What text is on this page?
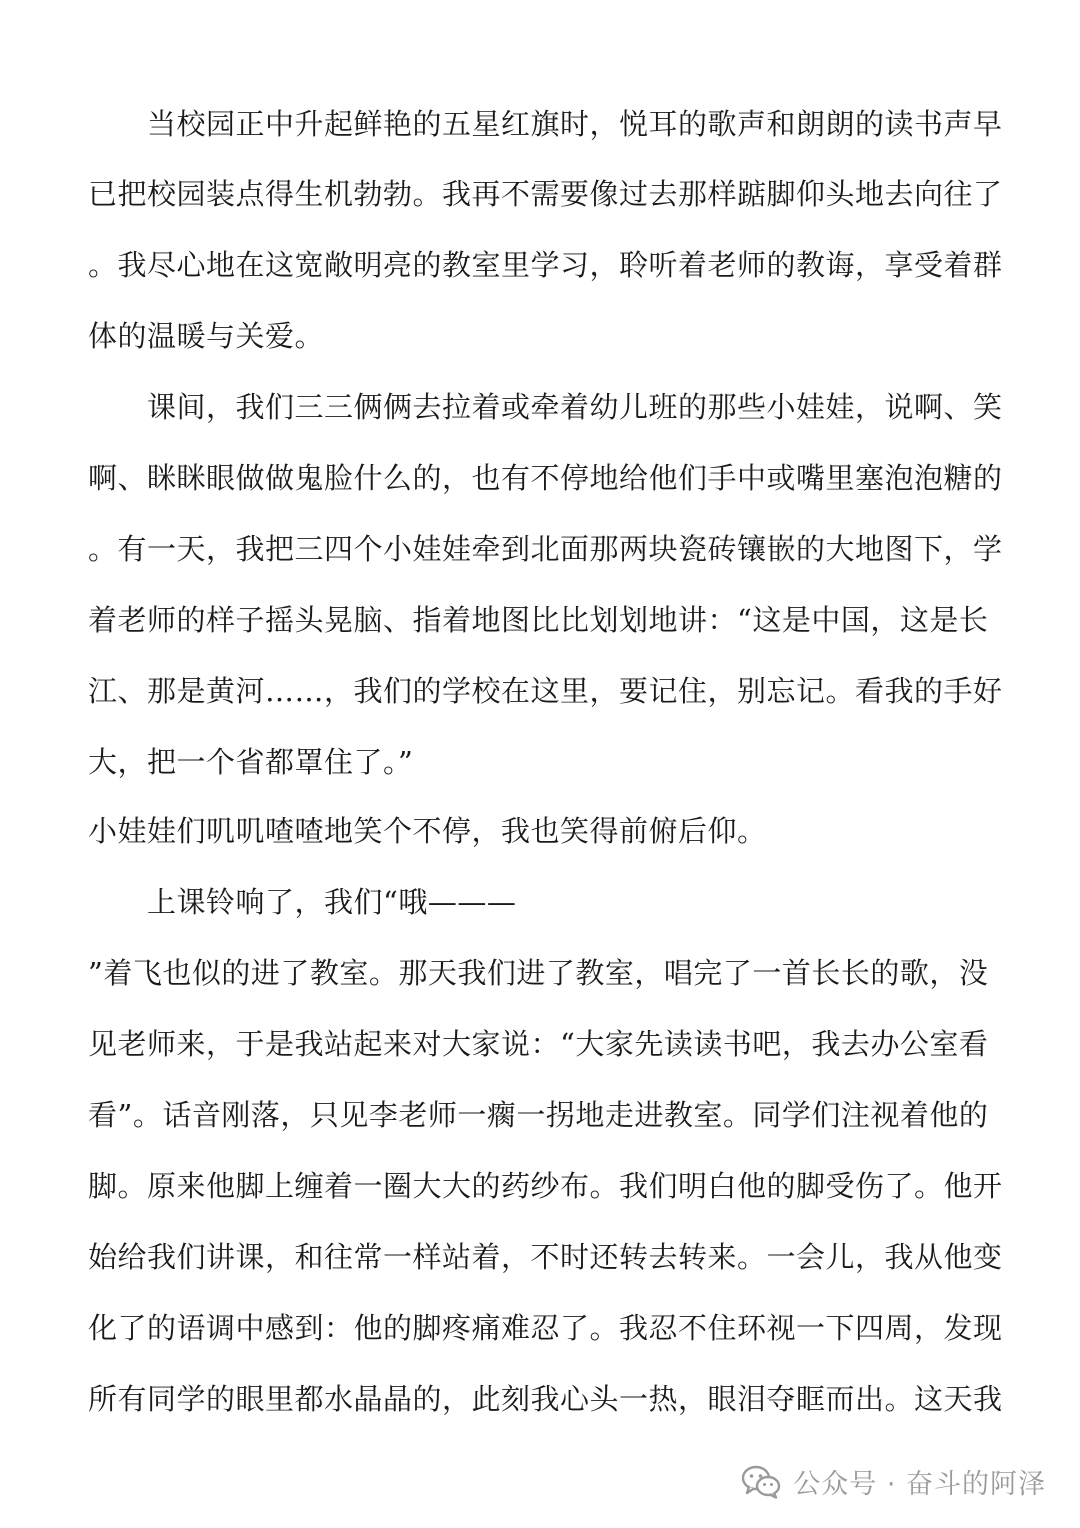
当校园正中升起鲜艳的五星红旗时，悦耳的歌声和朗朗的读书声早
已把校园装点得生机勃勃。我再不需要像过去那样踮脚仰头地去向往了
。我尽心地在这宽敞明亮的教室里学习，聆听着老师的教诲，享受着群
体的温暖与关爱。
课间，我们三三俩俩去拉着或牵着幼儿班的那些小娃娃，说啊、笑
啊、眯眯眼做做鬼脸什么的，也有不停地给他们手中或嘴里塞泡泡糖的
。有一天，我把三四个小娃娃牵到北面那两块瓷砖镶嵌的大地图下，学
着老师的样子摇头晃脑、指着地图比比划划地讲：“这是中国，这是长
江、那是黄河……，我们的学校在这里，要记住，别忘记。看我的手好
大，把一个省都罩住了。”
小娃娃们叽叽喳喳地笑个不停，我也笑得前俯后仰。
上课铃响了，我们“哦———
”着飞也似的进了教室。那天我们进了教室，唱完了一首长长的歌，没
见老师来，于是我站起来对大家说：“大家先读读书吧，我去办公室看
看”。话音刚落，只见李老师一瘸一拐地走进教室。同学们注视着他的
脚。原来他脚上缠着一圈大大的药纱布。我们明白他的脚受伤了。他开
始给我们讲课，和往常一样站着，不时还转去转来。一会儿，我从他变
化了的语调中感到：他的脚疼痛难忍了。我忍不住环视一下四周，发现
所有同学的眼里都水晶晶的，此刻我心头一热，眼泪夺眶而出。这天我
公众号 · 奋斗的阿泽
